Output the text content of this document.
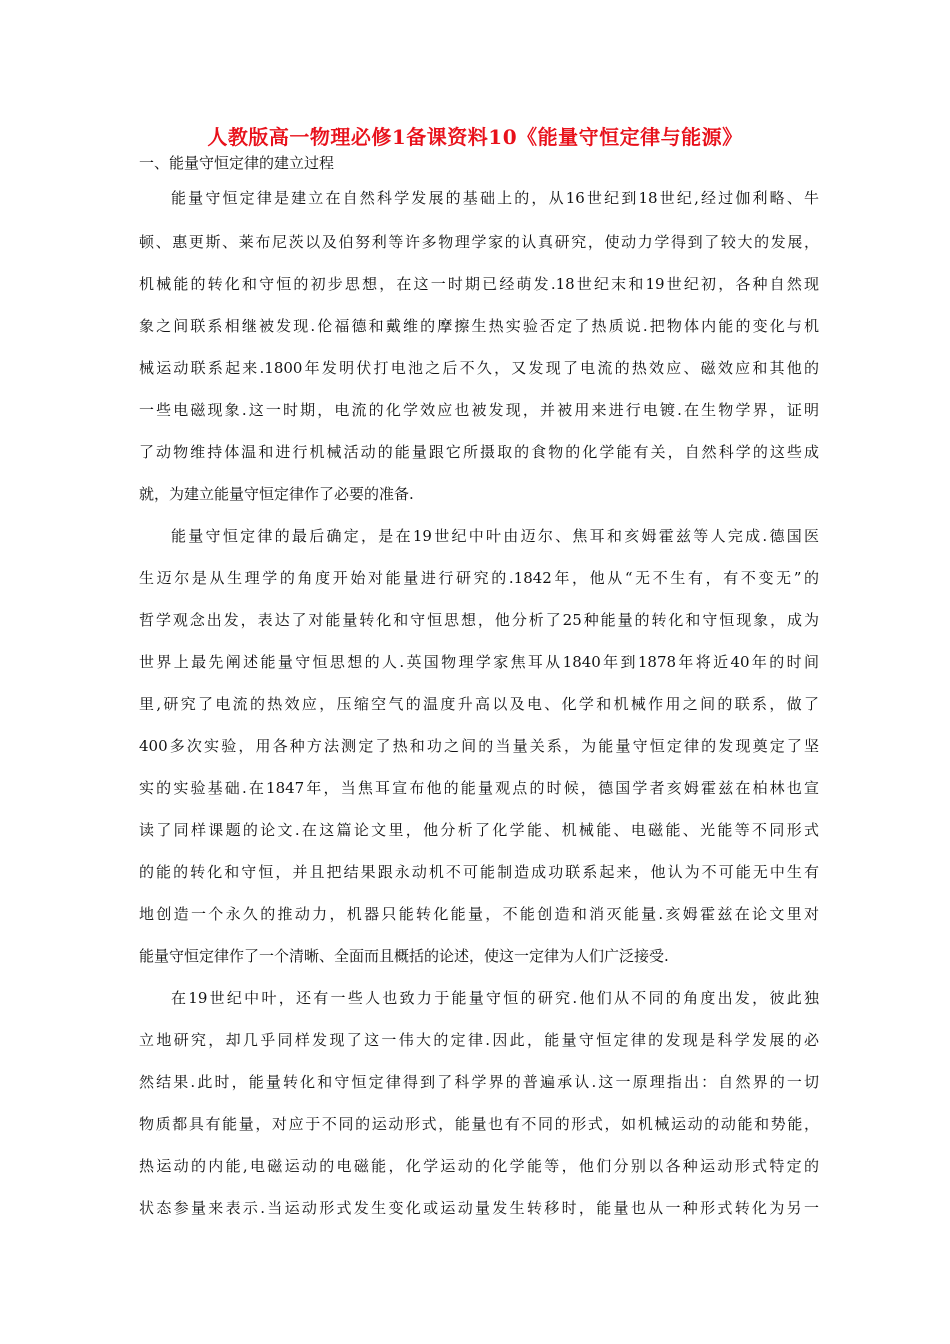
人教版高一物理必修1备课资料10《能量守恒定律与能源》
一、能量守恒定律的建立过程
能量守恒定律是建立在自然科学发展的基础上的，从16世纪到18世纪,经过伽利略、牛
顿、惠更斯、莱布尼茨以及伯努利等许多物理学家的认真研究，使动力学得到了较大的发展，
机械能的转化和守恒的初步思想，在这一时期已经萌发.18世纪末和19世纪初，各种自然现
象之间联系相继被发现.伦福德和戴维的摩擦生热实验否定了热质说.把物体内能的变化与机
械运动联系起来.1800年发明伏打电池之后不久，又发现了电流的热效应、磁效应和其他的
一些电磁现象.这一时期，电流的化学效应也被发现，并被用来进行电镀.在生物学界，证明
了动物维持体温和进行机械活动的能量跟它所摄取的食物的化学能有关，自然科学的这些成
就，为建立能量守恒定律作了必要的准备.
能量守恒定律的最后确定，是在19世纪中叶由迈尔、焦耳和亥姆霍兹等人完成.德国医
生迈尔是从生理学的角度开始对能量进行研究的.1842年，他从“无不生有，有不变无”的
哲学观念出发，表达了对能量转化和守恒思想，他分析了25种能量的转化和守恒现象，成为
世界上最先阐述能量守恒思想的人.英国物理学家焦耳从1840年到1878年将近40年的时间
里,研究了电流的热效应，压缩空气的温度升高以及电、化学和机械作用之间的联系，做了
400多次实验，用各种方法测定了热和功之间的当量关系，为能量守恒定律的发现奠定了坚
实的实验基础.在1847年，当焦耳宣布他的能量观点的时候，德国学者亥姆霍兹在柏林也宣
读了同样课题的论文.在这篇论文里，他分析了化学能、机械能、电磁能、光能等不同形式
的能的转化和守恒，并且把结果跟永动机不可能制造成功联系起来，他认为不可能无中生有
地创造一个永久的推动力，机器只能转化能量，不能创造和消灭能量.亥姆霍兹在论文里对
能量守恒定律作了一个清晰、全面而且概括的论述，使这一定律为人们广泛接受.
在19世纪中叶，还有一些人也致力于能量守恒的研究.他们从不同的角度出发，彼此独
立地研究，却几乎同样发现了这一伟大的定律.因此，能量守恒定律的发现是科学发展的必
然结果.此时，能量转化和守恒定律得到了科学界的普遍承认.这一原理指出：自然界的一切
物质都具有能量，对应于不同的运动形式，能量也有不同的形式，如机械运动的动能和势能，
热运动的内能,电磁运动的电磁能，化学运动的化学能等，他们分别以各种运动形式特定的
状态参量来表示.当运动形式发生变化或运动量发生转移时，能量也从一种形式转化为另一
